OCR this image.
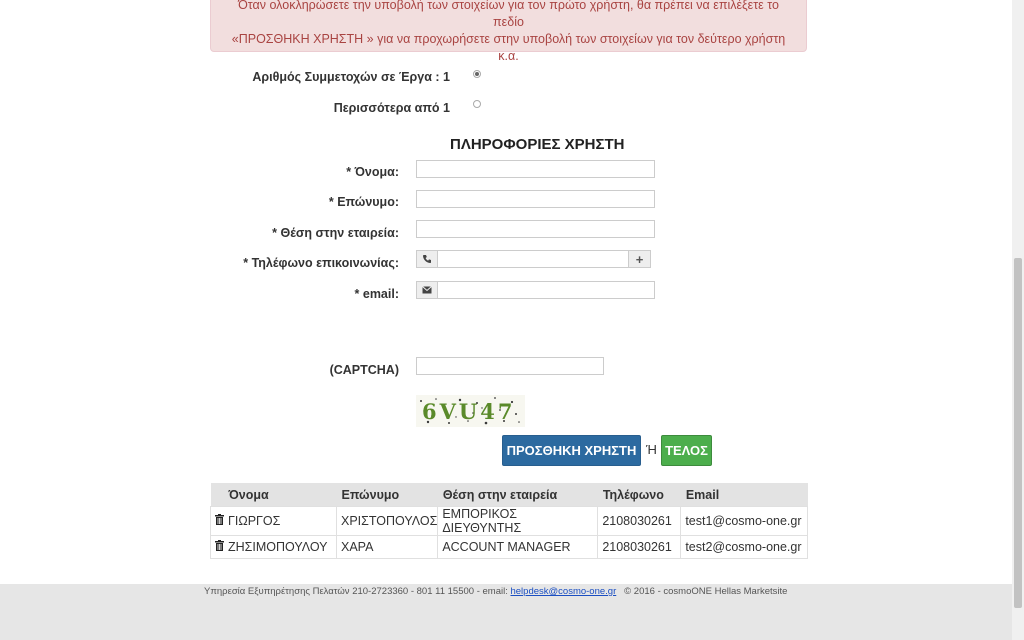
Όταν ολοκληρώσετε την υποβολή των στοιχείων για τον πρώτο χρήστη, θα πρέπει να επιλέξετε το πεδίο
«ΠΡΟΣΘΗΚΗ ΧΡΗΣΤΗ » για να προχωρήσετε στην υποβολή των στοιχείων για τον δεύτερο χρήστη κ.α.
Αριθμός Συμμετοχών σε Έργα : 1
Περισσότερα από 1
ΠΛΗΡΟΦΟΡΙΕΣ ΧΡΗΣΤΗ
* Όνομα:
* Επώνυμο:
* Θέση στην εταιρεία:
* Τηλέφωνο επικοινωνίας:	+
* email:
(CAPTCHA)
6VU47
ΠΡΟΣΘΗΚΗ ΧΡΗΣΤΗ Ή ΤΕΛΟΣ
Όνομα	Επώνυμο	Θέση στην εταιρεία	Τηλέφωνο	Email
ΓΙΩΡΓΟΣ	ΧΡΙΣΤΟΠΟΥΛΟΣ	ΕΜΠΟΡΙΚΟΣ ΔΙΕΥΘΥΝΤΗΣ	2108030261	test1@cosmo-one.gr
ΖΗΣΙΜΟΠΟΥΛΟΥ	ΧΑΡΑ	ACCOUNT MANAGER	2108030261	test2@cosmo-one.gr
Υπηρεσία Εξυπηρέτησης Πελατών 210-2723360 - 801 11 15500 - email: helpdesk@cosmo-one.gr © 2016 - cosmoONE Hellas Marketsite
